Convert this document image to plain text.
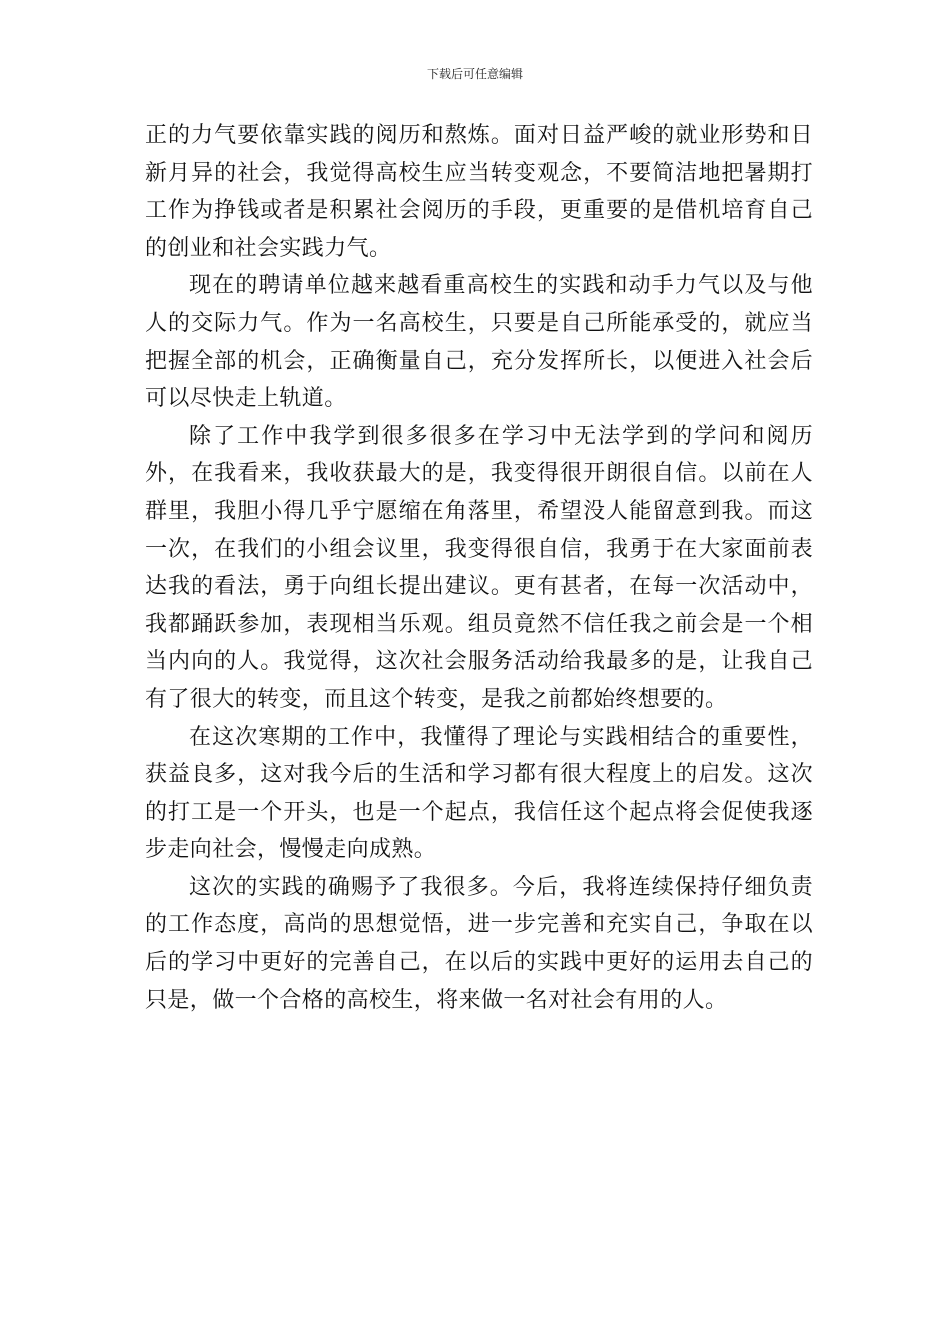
下载后可任意编辑

正的力气要依靠实践的阅历和熬炼。面对日益严峻的就业形势和日新月异的社会，我觉得高校生应当转变观念，不要简洁地把暑期打工作为挣钱或者是积累社会阅历的手段，更重要的是借机培育自己的创业和社会实践力气。

现在的聘请单位越来越看重高校生的实践和动手力气以及与他人的交际力气。作为一名高校生，只要是自己所能承受的，就应当把握全部的机会，正确衡量自己，充分发挥所长，以便进入社会后可以尽快走上轨道。

除了工作中我学到很多很多在学习中无法学到的学问和阅历外，在我看来，我收获最大的是，我变得很开朗很自信。以前在人群里，我胆小得几乎宁愿缩在角落里，希望没人能留意到我。而这一次，在我们的小组会议里，我变得很自信，我勇于在大家面前表达我的看法，勇于向组长提出建议。更有甚者，在每一次活动中，我都踊跃参加，表现相当乐观。组员竟然不信任我之前会是一个相当内向的人。我觉得，这次社会服务活动给我最多的是，让我自己有了很大的转变，而且这个转变，是我之前都始终想要的。

在这次寒期的工作中，我懂得了理论与实践相结合的重要性，获益良多，这对我今后的生活和学习都有很大程度上的启发。这次的打工是一个开头，也是一个起点，我信任这个起点将会促使我逐步走向社会，慢慢走向成熟。

这次的实践的确赐予了我很多。今后，我将连续保持仔细负责的工作态度，高尚的思想觉悟，进一步完善和充实自己，争取在以后的学习中更好的完善自己，在以后的实践中更好的运用去自己的只是，做一个合格的高校生，将来做一名对社会有用的人。
